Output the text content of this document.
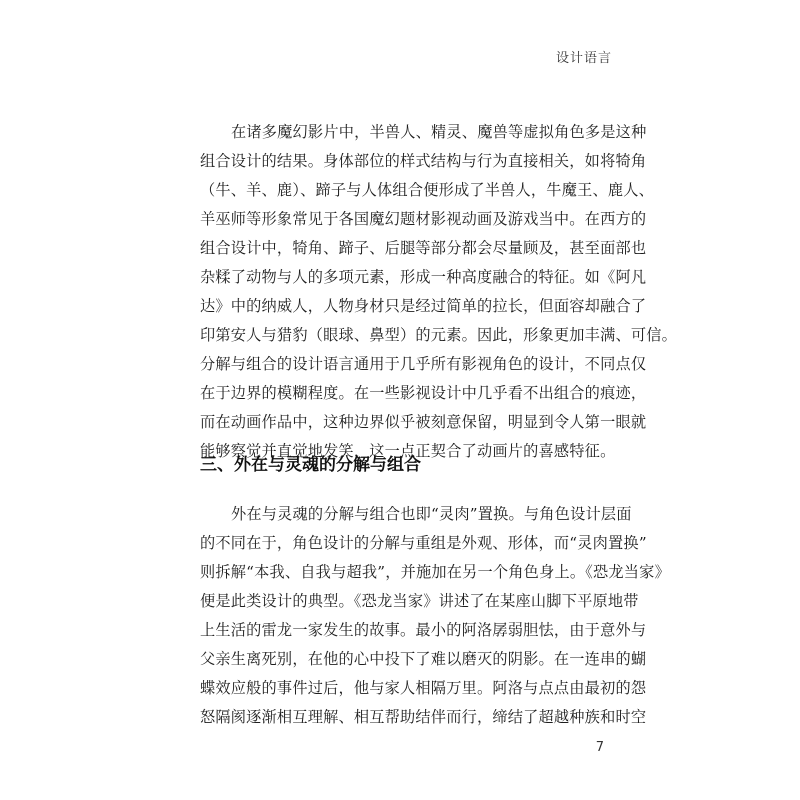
设计语言
在诸多魔幻影片中，半兽人、精灵、魔兽等虚拟角色多是这种
组合设计的结果。身体部位的样式结构与行为直接相关，如将犄角
（牛、羊、鹿）、蹄子与人体组合便形成了半兽人，牛魔王、鹿人、
羊巫师等形象常见于各国魔幻题材影视动画及游戏当中。在西方的
组合设计中，犄角、蹄子、后腿等部分都会尽量顾及，甚至面部也
杂糅了动物与人的多项元素，形成一种高度融合的特征。如《阿凡
达》中的纳威人，人物身材只是经过简单的拉长，但面容却融合了
印第安人与猎豹（眼球、鼻型）的元素。因此，形象更加丰满、可信。
分解与组合的设计语言通用于几乎所有影视角色的设计，不同点仅
在于边界的模糊程度。在一些影视设计中几乎看不出组合的痕迹，
而在动画作品中，这种边界似乎被刻意保留，明显到令人第一眼就
能够察觉并直觉地发笑，这一点正契合了动画片的喜感特征。
三、外在与灵魂的分解与组合
外在与灵魂的分解与组合也即“灵肉”置换。与角色设计层面
的不同在于，角色设计的分解与重组是外观、形体，而“灵肉置换”
则拆解“本我、自我与超我”，并施加在另一个角色身上。《恐龙当家》
便是此类设计的典型。《恐龙当家》讲述了在某座山脚下平原地带
上生活的雷龙一家发生的故事。最小的阿洛孱弱胆怯，由于意外与
父亲生离死别，在他的心中投下了难以磨灭的阴影。在一连串的蝴
蝶效应般的事件过后，他与家人相隔万里。阿洛与点点由最初的怨
怒隔阂逐渐相互理解、相互帮助结伴而行，缔结了超越种族和时空
7
